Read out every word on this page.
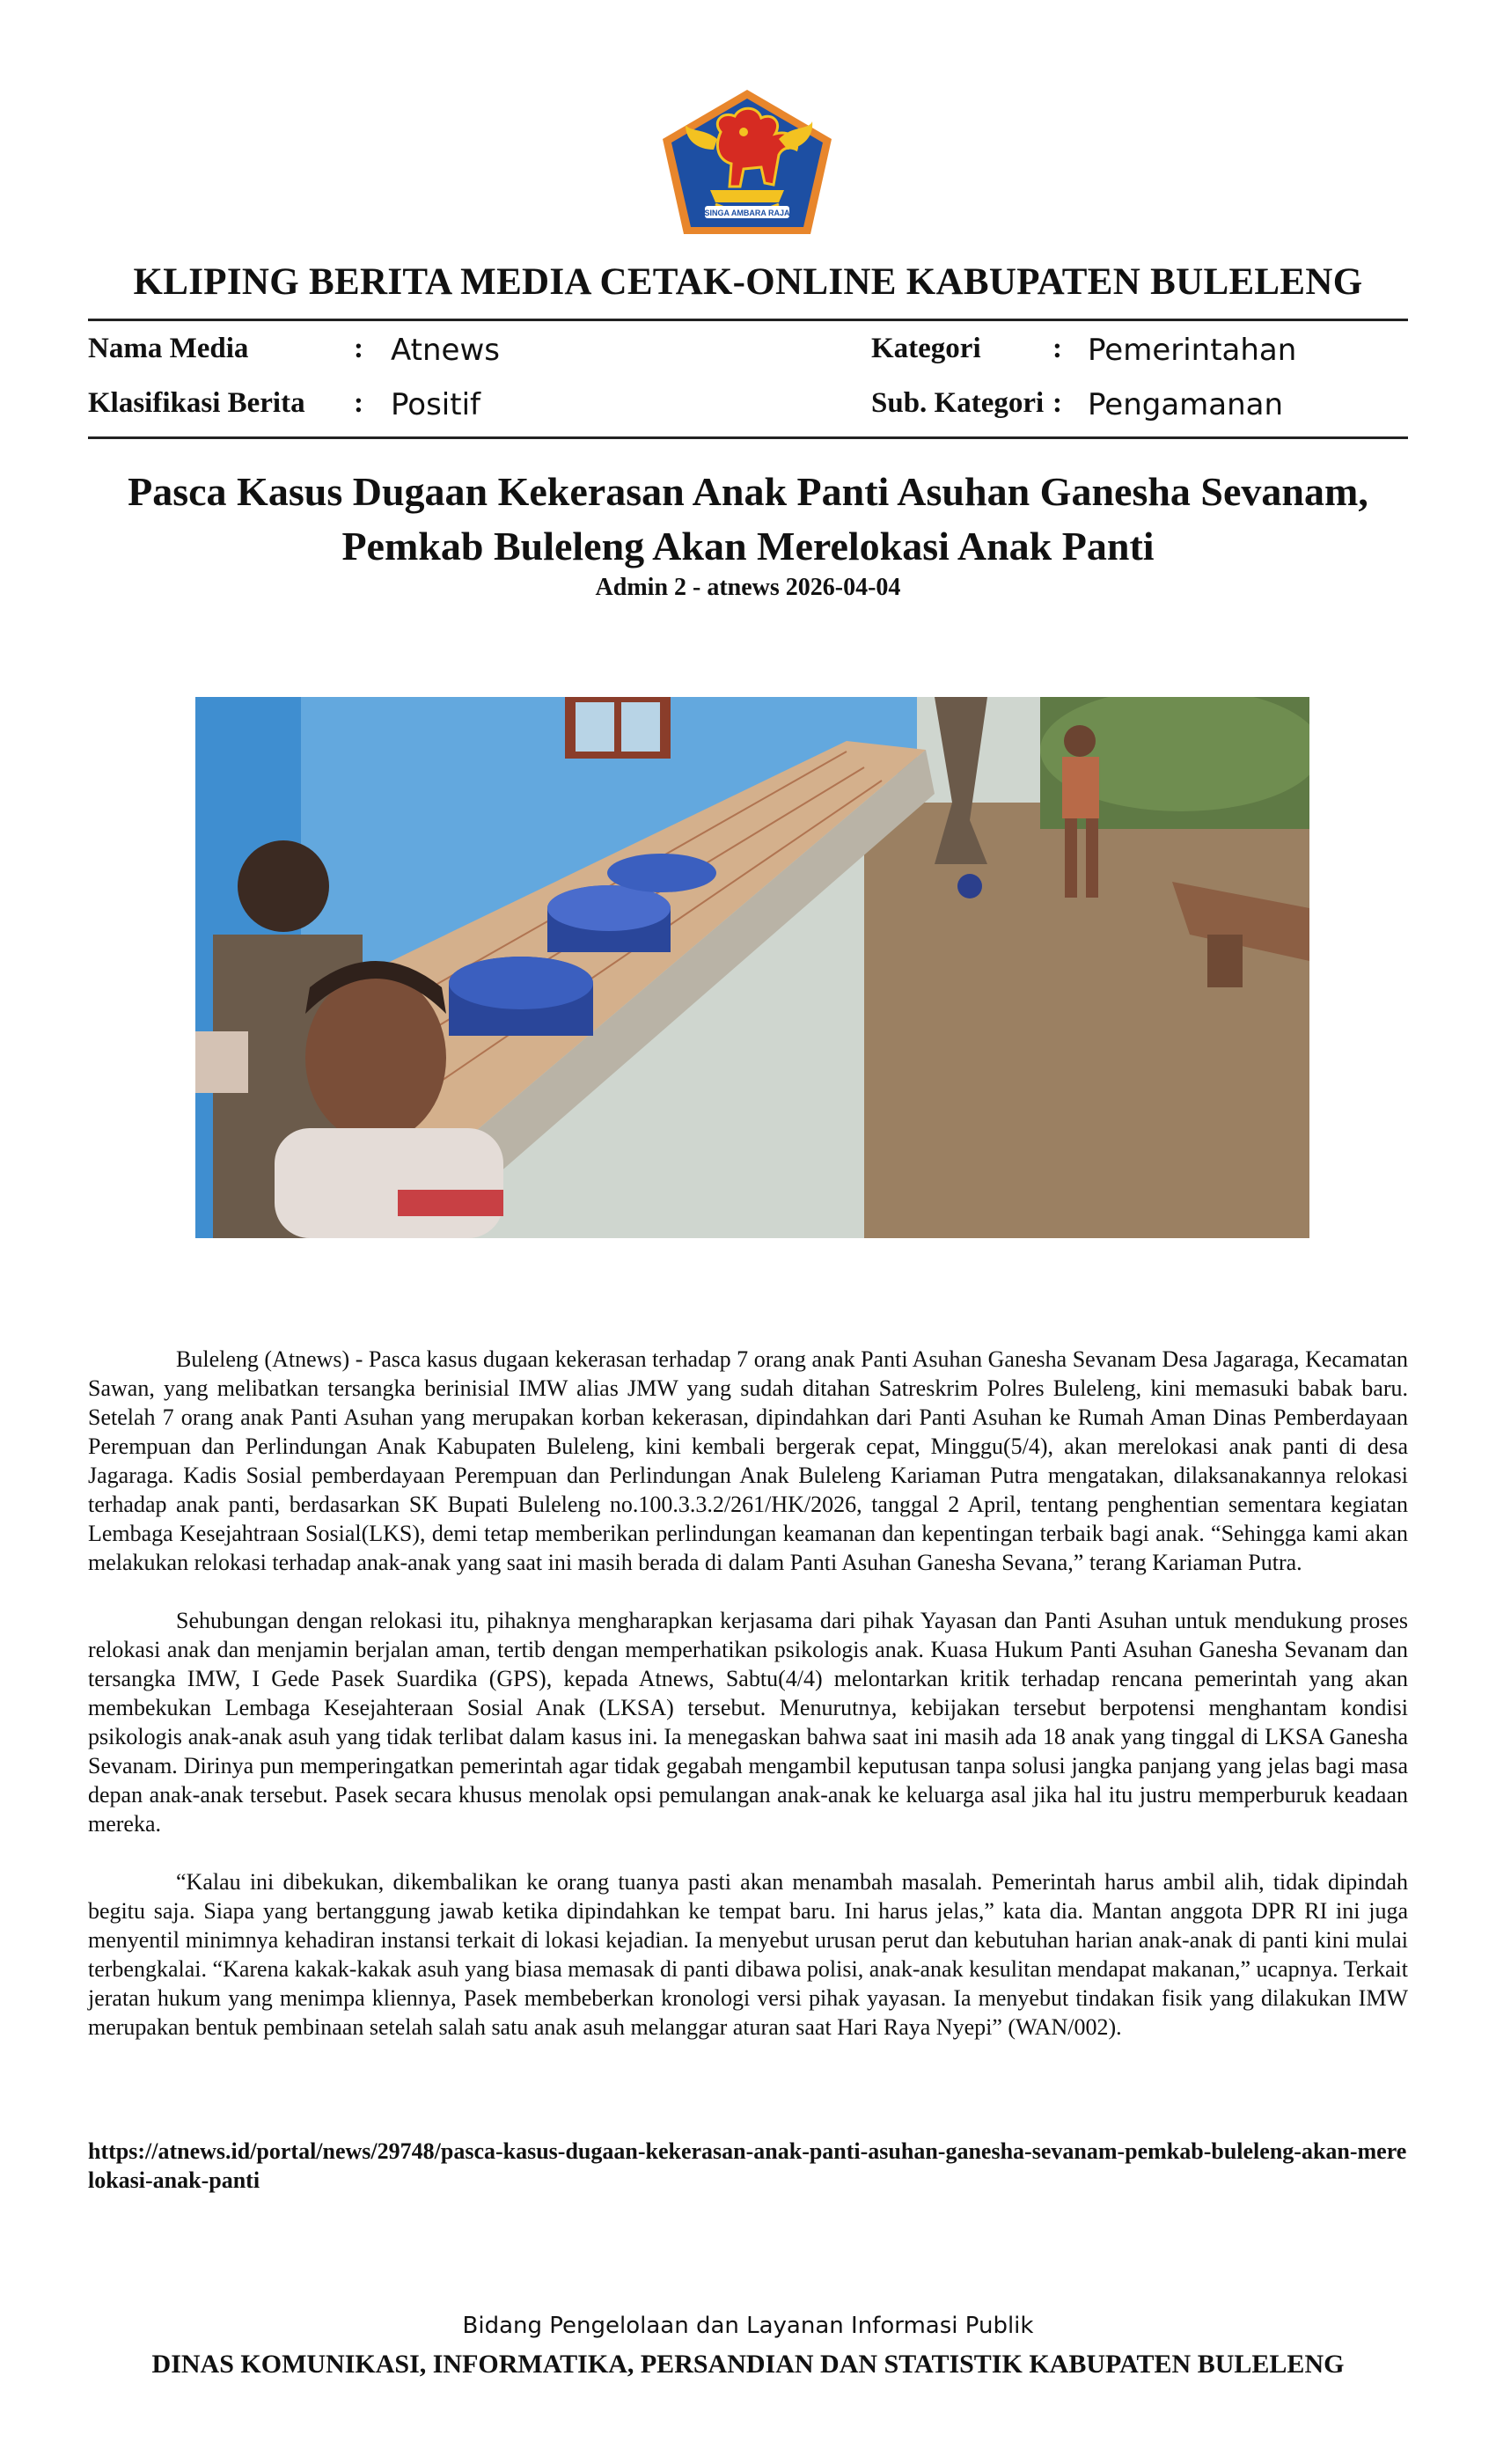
SINGA AMBARA RAJA
KLIPING BERITA MEDIA CETAK-ONLINE KABUPATEN BULELENG
Nama Media	: Atnews	Kategori : Pemerintahan
Klasifikasi Berita : Positif	Sub. Kategori : Pengamanan
Pasca Kasus Dugaan Kekerasan Anak Panti Asuhan Ganesha Sevanam,
Pemkab Buleleng Akan Merelokasi Anak Panti
Admin 2 - atnews 2026-04-04

Buleleng (Atnews) - Pasca kasus dugaan kekerasan terhadap 7 orang anak Panti Asuhan Ganesha Sevanam Desa Jagaraga, Kecamatan Sawan, yang melibatkan tersangka berinisial IMW alias JMW yang sudah ditahan Satreskrim Polres Buleleng, kini memasuki babak baru. Setelah 7 orang anak Panti Asuhan yang merupakan korban kekerasan, dipindahkan dari Panti Asuhan ke Rumah Aman Dinas Pemberdayaan Perempuan dan Perlindungan Anak Kabupaten Buleleng, kini kembali bergerak cepat, Minggu(5/4), akan merelokasi anak panti di desa Jagaraga. Kadis Sosial pemberdayaan Perempuan dan Perlindungan Anak Buleleng Kariaman Putra mengatakan, dilaksanakannya relokasi terhadap anak panti, berdasarkan SK Bupati Buleleng no.100.3.3.2/261/HK/2026, tanggal 2 April, tentang penghentian sementara kegiatan Lembaga Kesejahtraan Sosial(LKS), demi tetap memberikan perlindungan keamanan dan kepentingan terbaik bagi anak. “Sehingga kami akan melakukan relokasi terhadap anak-anak yang saat ini masih berada di dalam Panti Asuhan Ganesha Sevana,” terang Kariaman Putra.

Sehubungan dengan relokasi itu, pihaknya mengharapkan kerjasama dari pihak Yayasan dan Panti Asuhan untuk mendukung proses relokasi anak dan menjamin berjalan aman, tertib dengan memperhatikan psikologis anak. Kuasa Hukum Panti Asuhan Ganesha Sevanam dan tersangka IMW, I Gede Pasek Suardika (GPS), kepada Atnews, Sabtu(4/4) melontarkan kritik terhadap rencana pemerintah yang akan membekukan Lembaga Kesejahteraan Sosial Anak (LKSA) tersebut. Menurutnya, kebijakan tersebut berpotensi menghantam kondisi psikologis anak-anak asuh yang tidak terlibat dalam kasus ini. Ia menegaskan bahwa saat ini masih ada 18 anak yang tinggal di LKSA Ganesha Sevanam. Dirinya pun memperingatkan pemerintah agar tidak gegabah mengambil keputusan tanpa solusi jangka panjang yang jelas bagi masa depan anak-anak tersebut. Pasek secara khusus menolak opsi pemulangan anak-anak ke keluarga asal jika hal itu justru memperburuk keadaan mereka.

“Kalau ini dibekukan, dikembalikan ke orang tuanya pasti akan menambah masalah. Pemerintah harus ambil alih, tidak dipindah begitu saja. Siapa yang bertanggung jawab ketika dipindahkan ke tempat baru. Ini harus jelas,” kata dia. Mantan anggota DPR RI ini juga menyentil minimnya kehadiran instansi terkait di lokasi kejadian. Ia menyebut urusan perut dan kebutuhan harian anak-anak di panti kini mulai terbengkalai. “Karena kakak-kakak asuh yang biasa memasak di panti dibawa polisi, anak-anak kesulitan mendapat makanan,” ucapnya. Terkait jeratan hukum yang menimpa kliennya, Pasek membeberkan kronologi versi pihak yayasan. Ia menyebut tindakan fisik yang dilakukan IMW merupakan bentuk pembinaan setelah salah satu anak asuh melanggar aturan saat Hari Raya Nyepi” (WAN/002).

https://atnews.id/portal/news/29748/pasca-kasus-dugaan-kekerasan-anak-panti-asuhan-ganesha-sevanam-pemkab-buleleng-akan-merelokasi-anak-panti
Bidang Pengelolaan dan Layanan Informasi Publik
DINAS KOMUNIKASI, INFORMATIKA, PERSANDIAN DAN STATISTIK KABUPATEN BULELENG
